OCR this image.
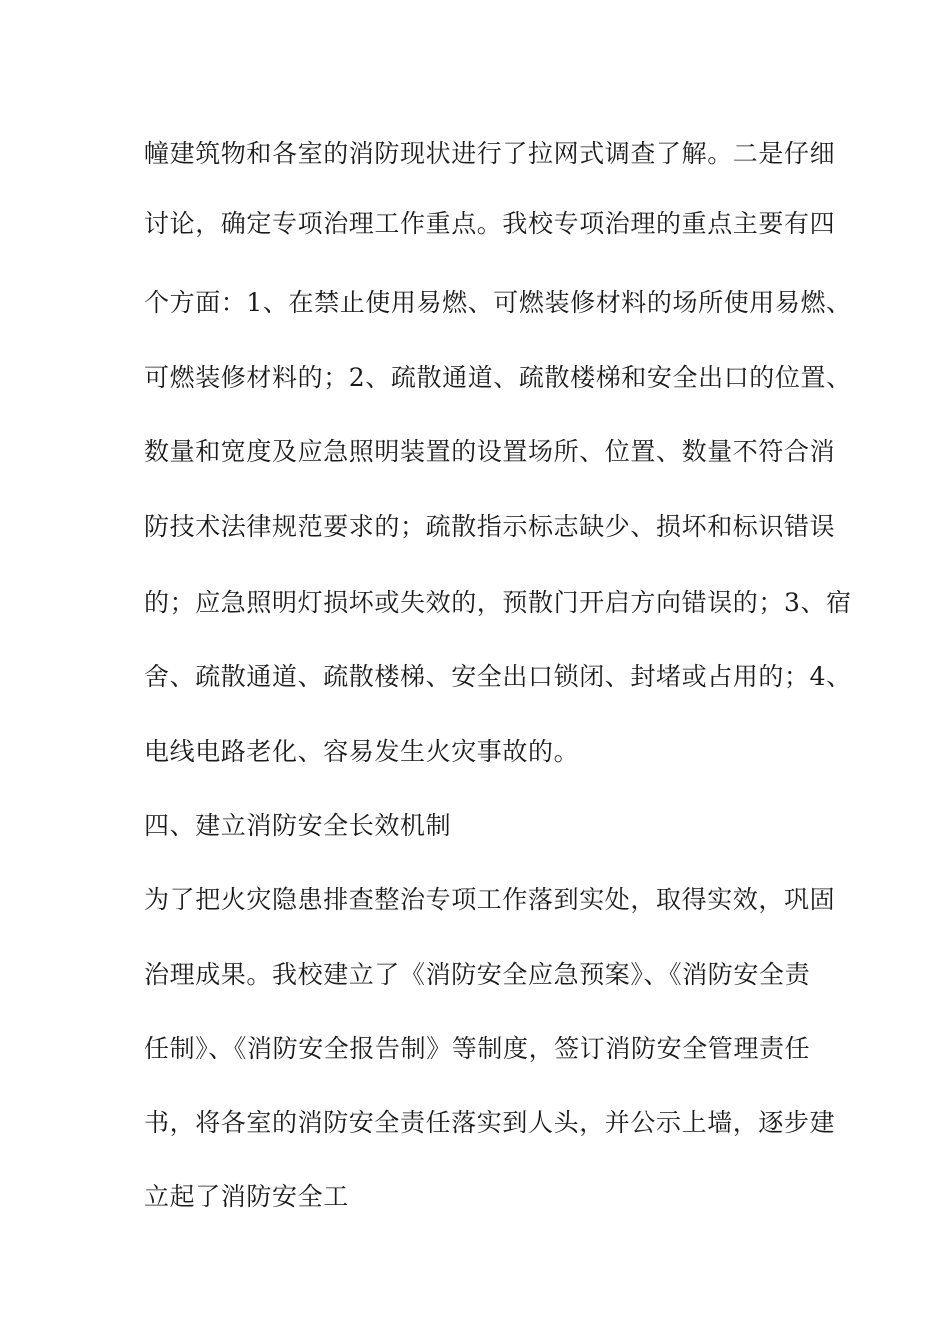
幢建筑物和各室的消防现状进行了拉网式调查了解。二是仔细
讨论，确定专项治理工作重点。我校专项治理的重点主要有四
个方面：1、在禁止使用易燃、可燃装修材料的场所使用易燃、
可燃装修材料的；2、疏散通道、疏散楼梯和安全出口的位置、
数量和宽度及应急照明装置的设置场所、位置、数量不符合消
防技术法律规范要求的；疏散指示标志缺少、损坏和标识错误
的；应急照明灯损坏或失效的，预散门开启方向错误的；3、宿
舍、疏散通道、疏散楼梯、安全出口锁闭、封堵或占用的；4、
电线电路老化、容易发生火灾事故的。
四、建立消防安全长效机制
为了把火灾隐患排查整治专项工作落到实处，取得实效，巩固
治理成果。我校建立了《消防安全应急预案》、《消防安全责
任制》、《消防安全报告制》等制度，签订消防安全管理责任
书，将各室的消防安全责任落实到人头，并公示上墙，逐步建
立起了消防安全工
